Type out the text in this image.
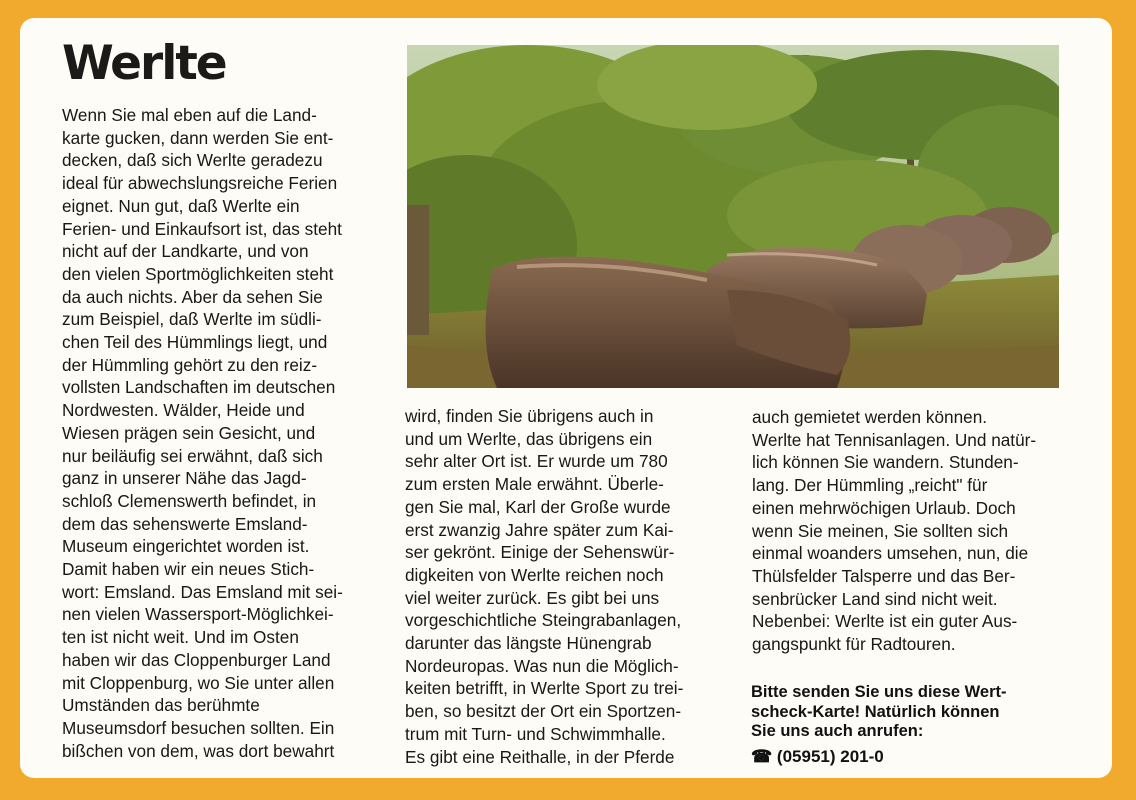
Werlte

Wenn Sie mal eben auf die Land-
karte gucken, dann werden Sie ent-
decken, daß sich Werlte geradezu
ideal für abwechslungsreiche Ferien
eignet. Nun gut, daß Werlte ein
Ferien- und Einkaufsort ist, das steht
nicht auf der Landkarte, und von
den vielen Sportmöglichkeiten steht
da auch nichts. Aber da sehen Sie
zum Beispiel, daß Werlte im südli-
chen Teil des Hümmlings liegt, und
der Hümmling gehört zu den reiz-
vollsten Landschaften im deutschen
Nordwesten. Wälder, Heide und
Wiesen prägen sein Gesicht, und
nur beiläufig sei erwähnt, daß sich
ganz in unserer Nähe das Jagd-
schloß Clemenswerth befindet, in
dem das sehenswerte Emsland-
Museum eingerichtet worden ist.
Damit haben wir ein neues Stich-
wort: Emsland. Das Emsland mit sei-
nen vielen Wassersport-Möglichkei-
ten ist nicht weit. Und im Osten
haben wir das Cloppenburger Land
mit Cloppenburg, wo Sie unter allen
Umständen das berühmte
Museumsdorf besuchen sollten. Ein
bißchen von dem, was dort bewahrt

wird, finden Sie übrigens auch in
und um Werlte, das übrigens ein
sehr alter Ort ist. Er wurde um 780
zum ersten Male erwähnt. Überle-
gen Sie mal, Karl der Große wurde
erst zwanzig Jahre später zum Kai-
ser gekrönt. Einige der Sehenswür-
digkeiten von Werlte reichen noch
viel weiter zurück. Es gibt bei uns
vorgeschichtliche Steingrabanlagen,
darunter das längste Hünengrab
Nordeuropas. Was nun die Möglich-
keiten betrifft, in Werlte Sport zu trei-
ben, so besitzt der Ort ein Sportzen-
trum mit Turn- und Schwimmhalle.
Es gibt eine Reithalle, in der Pferde

auch gemietet werden können.
Werlte hat Tennisanlagen. Und natür-
lich können Sie wandern. Stunden-
lang. Der Hümmling „reicht" für
einen mehrwöchigen Urlaub. Doch
wenn Sie meinen, Sie sollten sich
einmal woanders umsehen, nun, die
Thülsfelder Talsperre und das Ber-
senbrücker Land sind nicht weit.
Nebenbei: Werlte ist ein guter Aus-
gangspunkt für Radtouren.

Bitte senden Sie uns diese Wert-
scheck-Karte! Natürlich können
Sie uns auch anrufen:

☎ (05951) 201-0
